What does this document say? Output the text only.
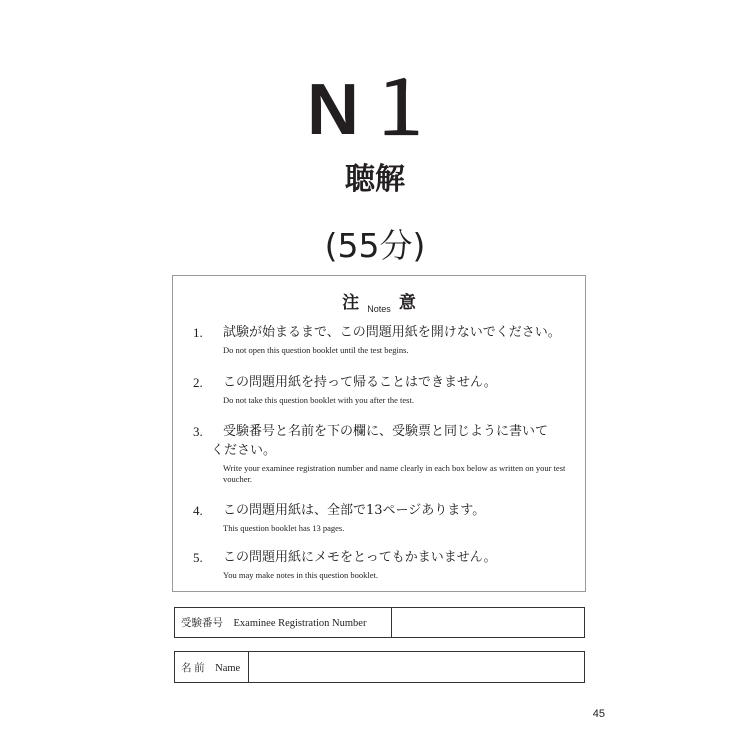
N１
聴解
(55分)
注 Notes 意
1. 試験が始まるまで、この問題用紙を開けないでください。
Do not open this question booklet until the test begins.
2. この問題用紙を持って帰ることはできません。
Do not take this question booklet with you after the test.
3. 受験番号と名前を下の欄に、受験票と同じように書いて
ください。
Write your examinee registration number and name clearly in each box below as written on your test voucher.
4. この問題用紙は、全部で13ページあります。
This question booklet has 13 pages.
5. この問題用紙にメモをとってもかまいません。
You may make notes in this question booklet.
受験番号　Examinee Registration Number
名 前　Name
45
